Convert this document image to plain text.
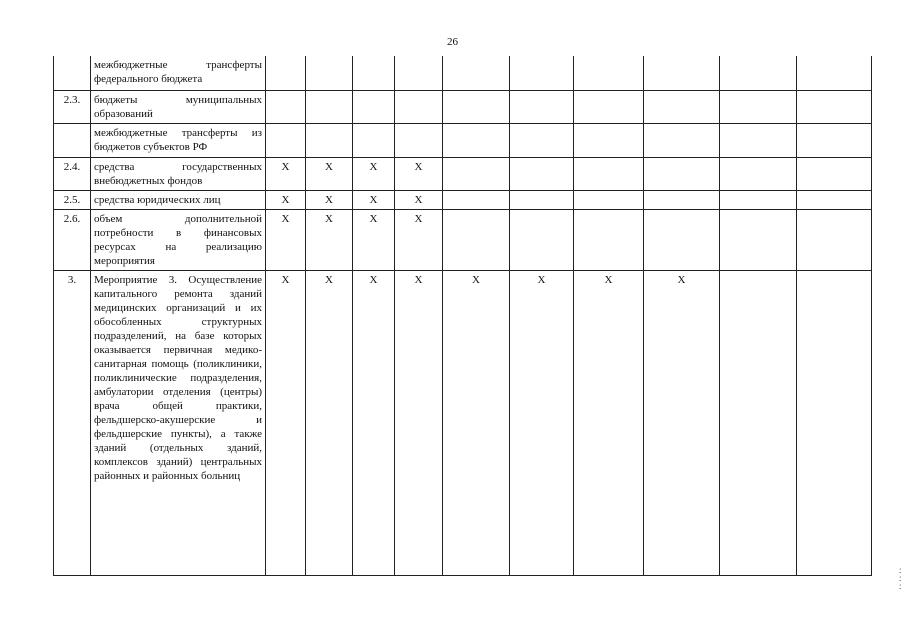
26
	межбюджетные трансферты федерального бюджета										
2.3.	бюджеты муниципальных образований										
	межбюджетные трансферты из бюджетов субъектов РФ										
2.4.	средства государственных внебюджетных фондов	X	X	X	X						
2.5.	средства юридических лиц	X	X	X	X						
2.6.	объем дополнительной потребности в финансовых ресурсах на реализацию мероприятия	X	X	X	X						
3.	Мероприятие 3. Осуществление капитального ремонта зданий медицинских организаций и их обособленных структурных подразделений, на базе которых оказывается первичная медико-санитарная помощь (поликлиники, поликлинические подразделения, амбулатории отделения (центры) врача общей практики, фельдшерско-акушерские и фельдшерские пункты), а также зданий (отдельных зданий, комплексов зданий) центральных районных и районных больниц	X	X	X	X	X	X	X	X		
:
:
:
